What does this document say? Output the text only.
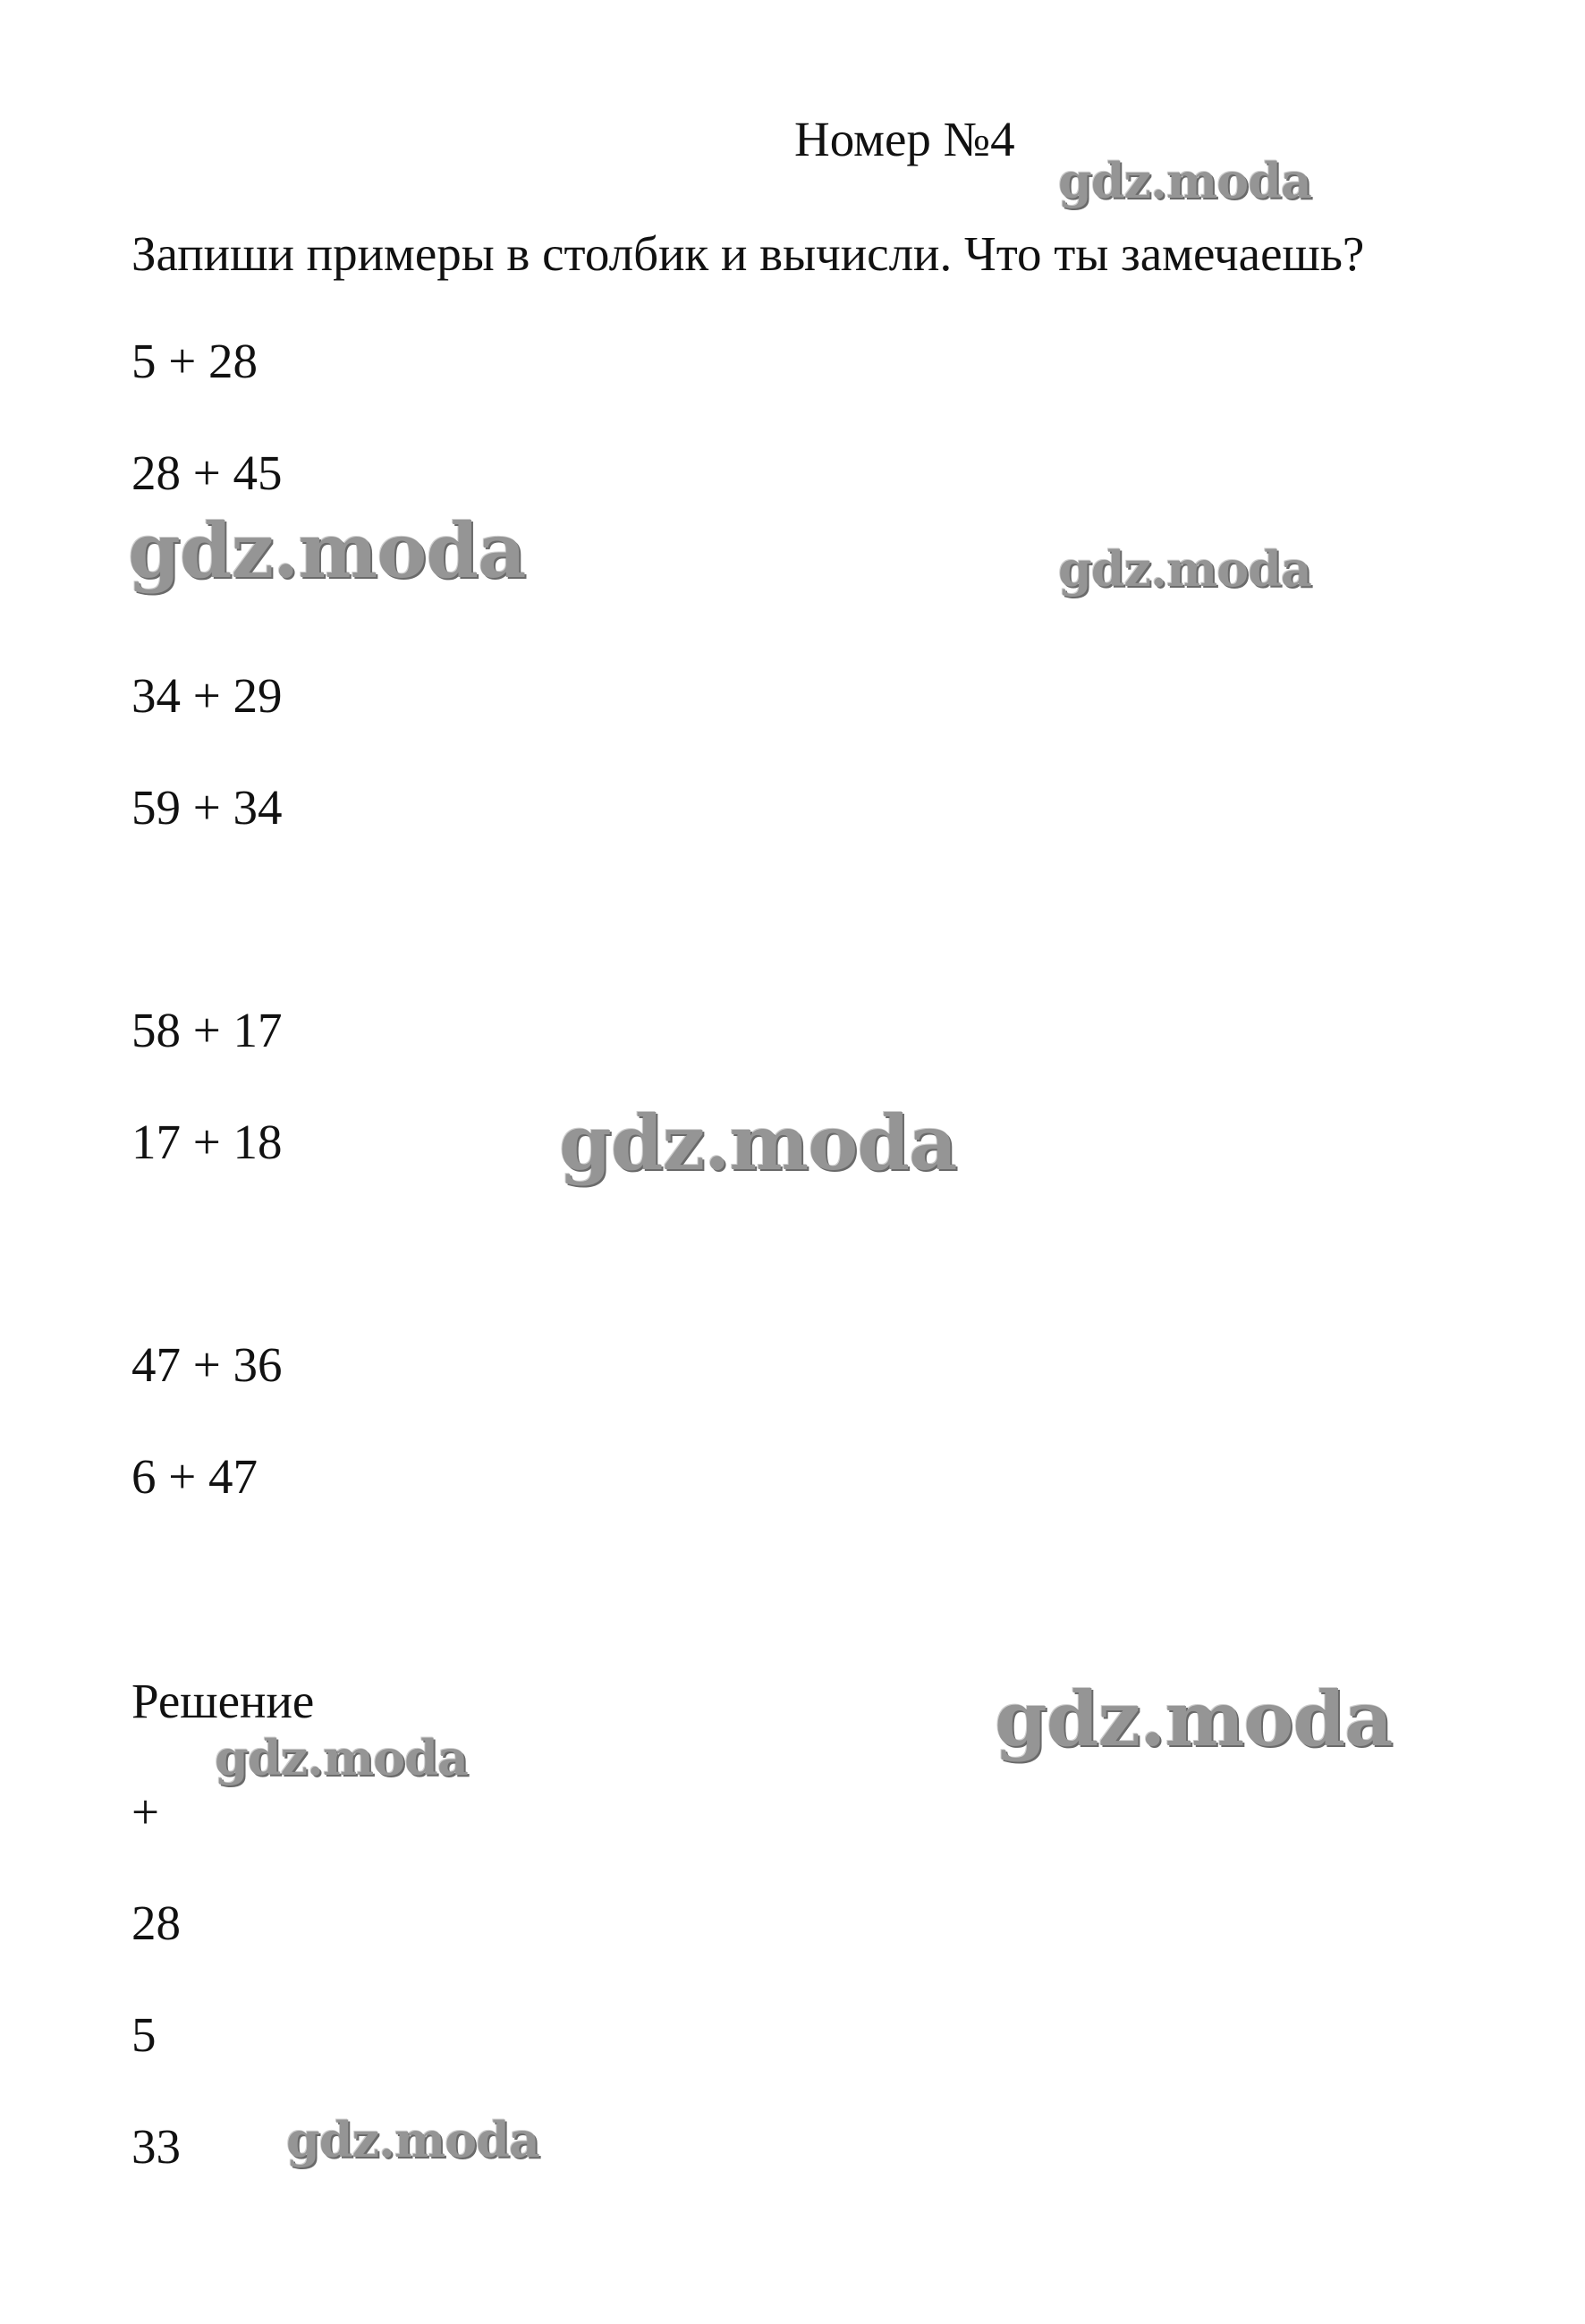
Номер №4
Запиши примеры в столбик и вычисли. Что ты замечаешь?
5 + 28
28 + 45
34 + 29
59 + 34
58 + 17
17 + 18
47 + 36
6 + 47
Решение
+
28
5
33
gdz.moda
gdz.moda	gdz.moda
gdz.moda
gdz.moda
gdz.moda
gdz.moda
